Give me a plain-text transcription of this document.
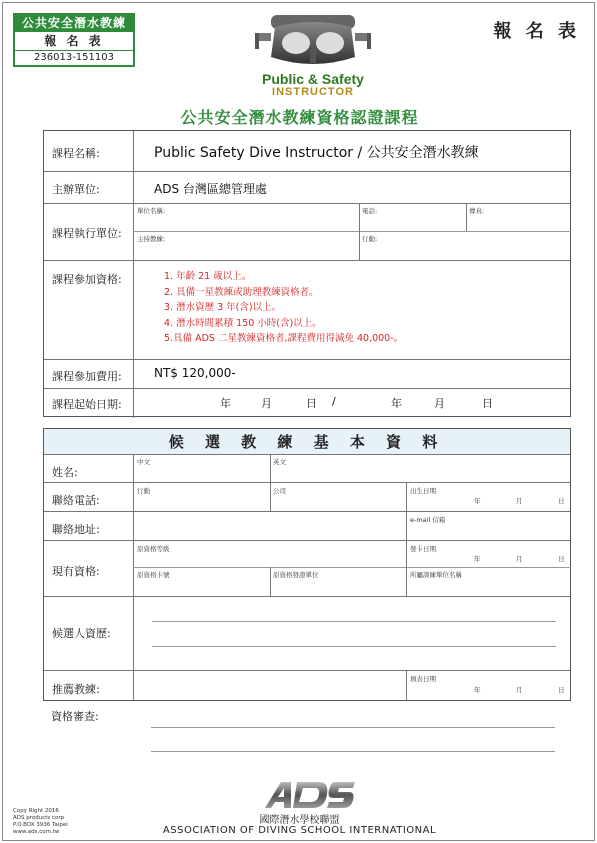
公共安全潛水教練
報 名 表
236013-151103
報 名 表
Public & Safety
INSTRUCTOR
公共安全潛水教練資格認證課程
課程名稱:	Public Safety Dive Instructor / 公共安全潛水教練
主辦單位:	ADS 台灣區總管理處
課程執行單位:
單位名稱:	電話:	傳真:
主持教練:	行動:
課程參加資格:	1. 年齡 21 歲以上。
2. 具備一星教練或助理教練資格者。
3. 潛水資歷 3 年(含)以上。
4. 潛水時間累積 150 小時(含)以上。
5.具備 ADS 二星教練資格者,課程費用得減免 40,000-。
課程參加費用:	NT$ 120,000-
課程起始日期:	年	月	日 /	年	月	日
候 選 教 練 基 本 資 料
姓名:
中文	英文
聯絡電話:
行動	公司	出生日期
年	月	日
聯絡地址:
e-mail 信箱
現有資格:
原資格等級	發卡日期
年	月	日
原資格卡號	原資格發證單位	所屬訓練單位名稱
候選人資歷:
推薦教練:
填表日期
年	月	日
資格審查:
國際潛水學校聯盟
ASSOCIATION OF DIVING SCHOOL INTERNATIONAL
Copy Right 2016
ADS products corp
P.O.BOX 3936 Taipei
www.ads.com.tw
